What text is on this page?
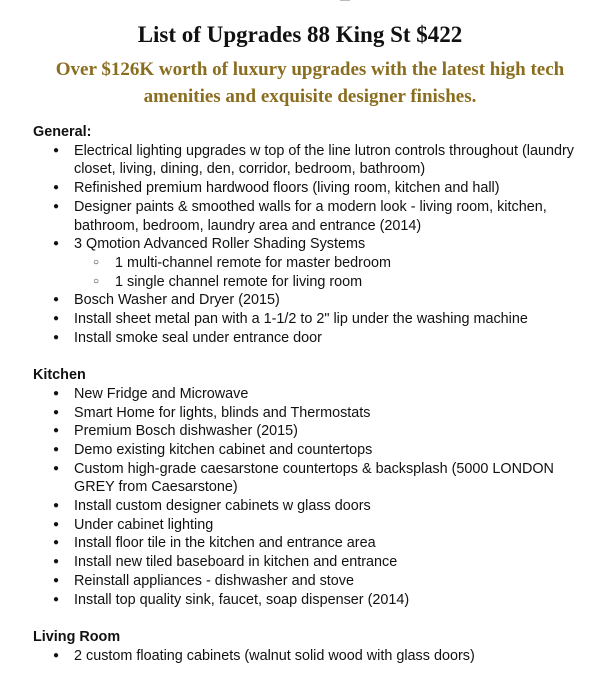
List of Upgrades 88 King St $422
Over $126K worth of luxury upgrades with the latest high tech
amenities and exquisite designer finishes.
General:
● Electrical lighting upgrades w top of the line lutron controls throughout (laundry closet, living, dining, den, corridor, bedroom, bathroom)
● Refinished premium hardwood floors (living room, kitchen and hall)
● Designer paints & smoothed walls for a modern look - living room, kitchen, bathroom, bedroom, laundry area and entrance (2014)
● 3 Qmotion Advanced Roller Shading Systems
○ 1 multi-channel remote for master bedroom
○ 1 single channel remote for living room
● Bosch Washer and Dryer (2015)
● Install sheet metal pan with a 1-1/2 to 2" lip under the washing machine
● Install smoke seal under entrance door
Kitchen
● New Fridge and Microwave
● Smart Home for lights, blinds and Thermostats
● Premium Bosch dishwasher (2015)
● Demo existing kitchen cabinet and countertops
● Custom high-grade caesarstone countertops & backsplash (5000 LONDON GREY from Caesarstone)
● Install custom designer cabinets w glass doors
● Under cabinet lighting
● Install floor tile in the kitchen and entrance area
● Install new tiled baseboard in kitchen and entrance
● Reinstall appliances - dishwasher and stove
● Install top quality sink, faucet, soap dispenser (2014)
Living Room
● 2 custom floating cabinets (walnut solid wood with glass doors)
